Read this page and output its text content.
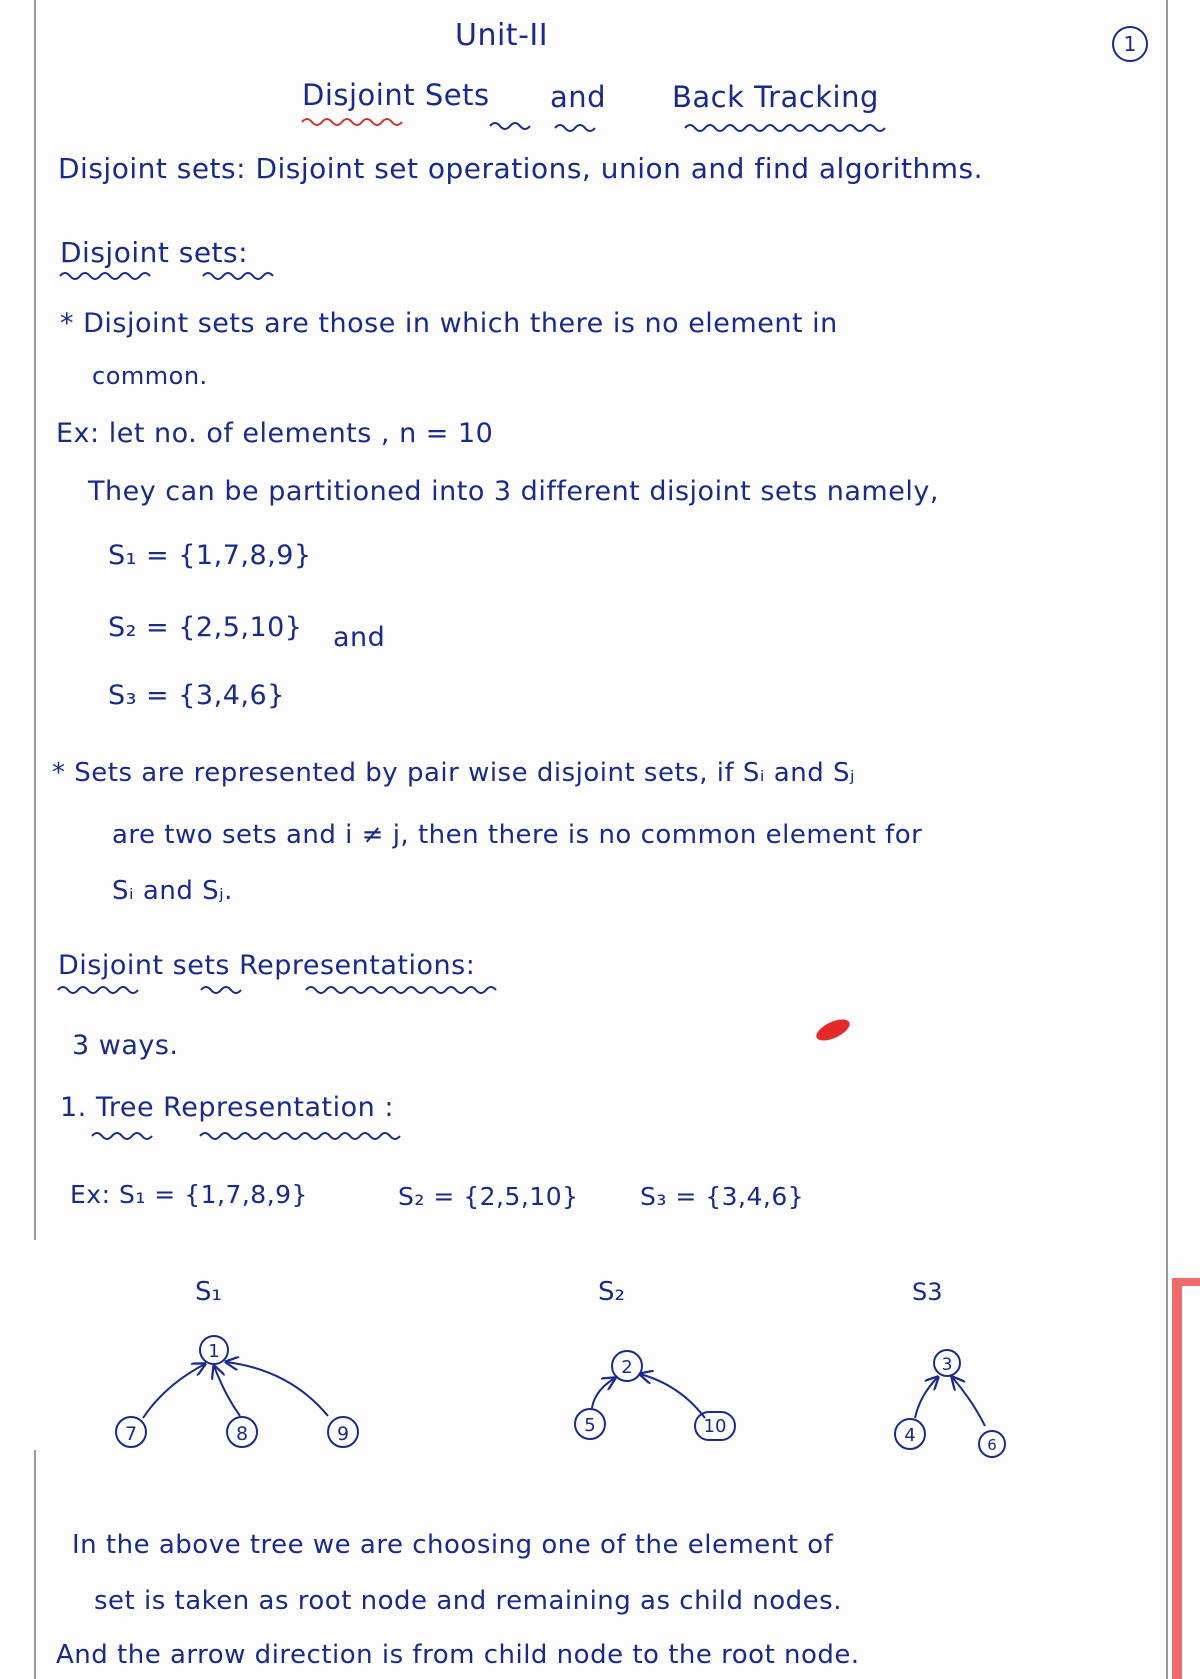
Unit-II	1
Disjoint Sets and Back Tracking
Disjoint sets: Disjoint set operations, union and find algorithms.
Disjoint sets:
* Disjoint sets are those in which there is no element in
common.
Ex: let no. of elements , n = 10
They can be partitioned into 3 different disjoint sets namely,
S₁ = {1,7,8,9}
S₂ = {2,5,10} and
S₃ = {3,4,6}
* Sets are represented by pair wise disjoint sets, if Sᵢ and Sⱼ
are two sets and i ≠ j, then there is no common element for
Sᵢ and Sⱼ.
Disjoint sets Representations:
3 ways.
1. Tree Representation :
Ex: S₁ = {1,7,8,9}	S₂ = {2,5,10} S₃ = {3,4,6}
S₁
1
7	8	9
S₂
2
5	10
S3
3
4	6
In the above tree we are choosing one of the element of
set is taken as root node and remaining as child nodes.
And the arrow direction is from child node to the root node.
